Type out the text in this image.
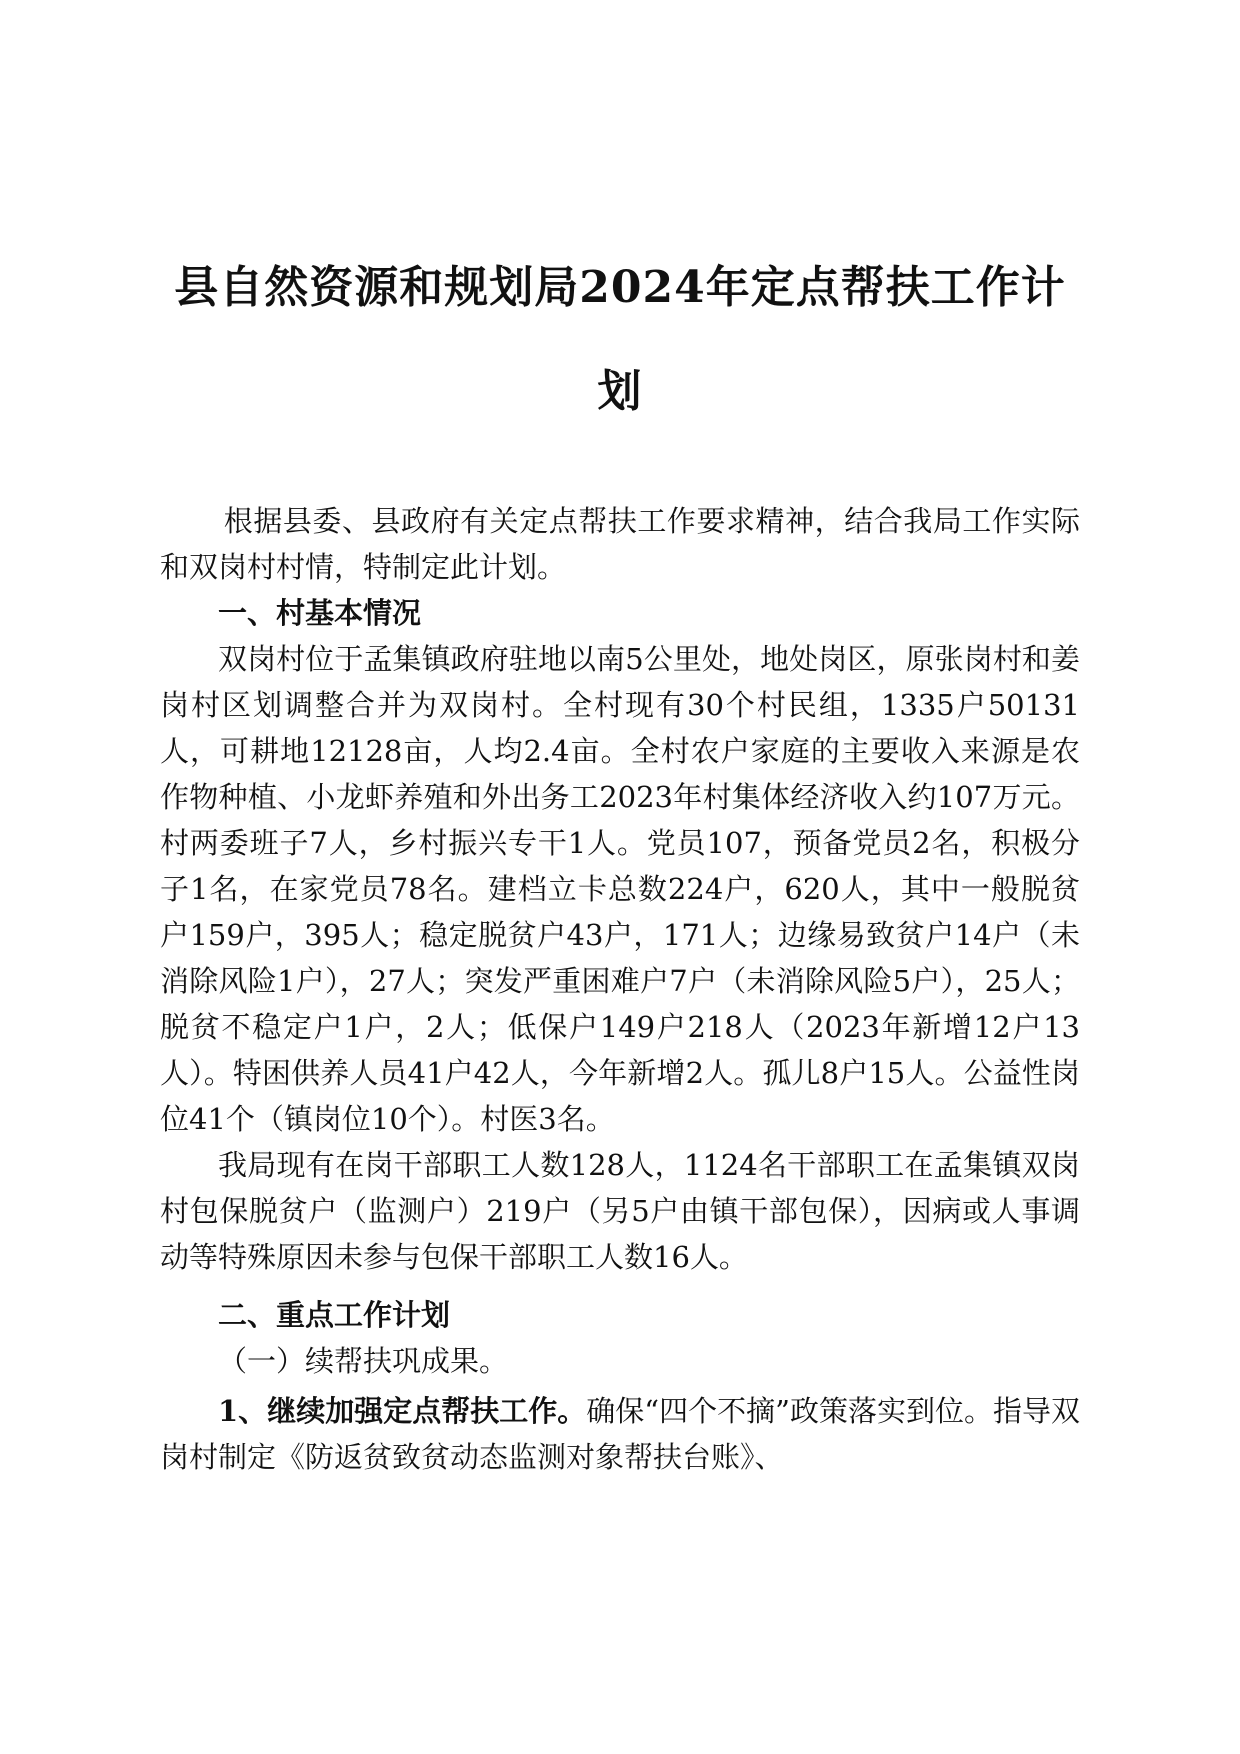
县自然资源和规划局2024年定点帮扶工作计
划

根据县委、县政府有关定点帮扶工作要求精神，结合我局工作实际和双岗村村情，特制定此计划。

一、村基本情况

双岗村位于孟集镇政府驻地以南5公里处，地处岗区，原张岗村和姜岗村区划调整合并为双岗村。全村现有30个村民组，1335户50131人，可耕地12128亩，人均2.4亩。全村农户家庭的主要收入来源是农作物种植、小龙虾养殖和外出务工2023年村集体经济收入约107万元。村两委班子7人，乡村振兴专干1人。党员107，预备党员2名，积极分子1名，在家党员78名。建档立卡总数224户，620人，其中一般脱贫户159户，395人；稳定脱贫户43户，171人；边缘易致贫户14户（未消除风险1户），27人；突发严重困难户7户（未消除风险5户），25人；脱贫不稳定户1户，2人；低保户149户218人（2023年新增12户13人）。特困供养人员41户42人，今年新增2人。孤儿8户15人。公益性岗位41个（镇岗位10个）。村医3名。

我局现有在岗干部职工人数128人，1124名干部职工在孟集镇双岗村包保脱贫户（监测户）219户（另5户由镇干部包保），因病或人事调动等特殊原因未参与包保干部职工人数16人。

二、重点工作计划

（一）续帮扶巩成果。

1、继续加强定点帮扶工作。确保“四个不摘”政策落实到位。指导双岗村制定《防返贫致贫动态监测对象帮扶台账》、
